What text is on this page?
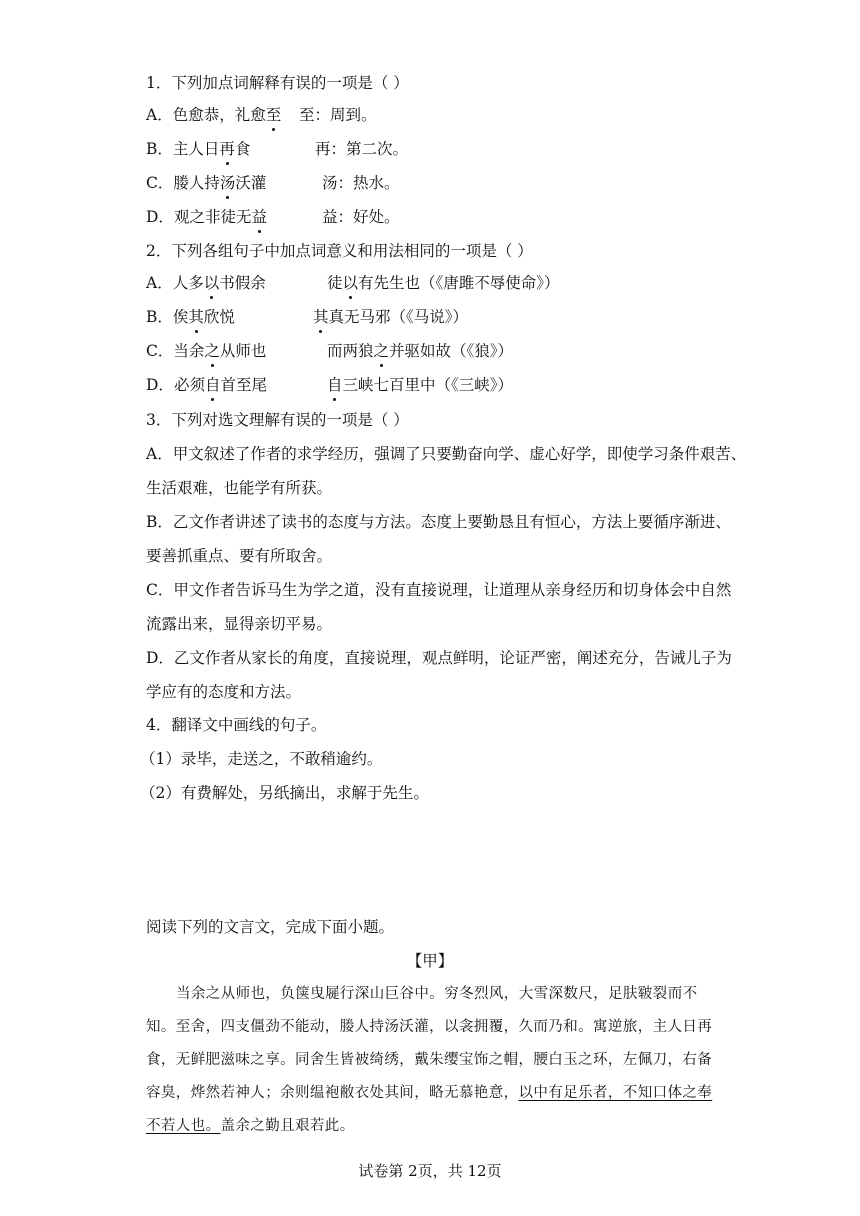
1．下列加点词解释有误的一项是（ ）
A．色愈恭，礼愈至 至：周到。
B．主人日再食	再：第二次。
C．媵人持汤沃灌	汤：热水。
D．观之非徒无益	益：好处。
2．下列各组句子中加点词意义和用法相同的一项是（ ）
A．人多以书假余	徒以有先生也（《唐雎不辱使命》）
B．俟其欣悦	其真无马邪（《马说》）
C．当余之从师也	而两狼之并驱如故（《狼》）
D．必须自首至尾	自三峡七百里中（《三峡》）
3．下列对选文理解有误的一项是（ ）
A．甲文叙述了作者的求学经历，强调了只要勤奋向学、虚心好学，即使学习条件艰苦、
生活艰难，也能学有所获。
B．乙文作者讲述了读书的态度与方法。态度上要勤恳且有恒心，方法上要循序渐进、
要善抓重点、要有所取舍。
C．甲文作者告诉马生为学之道，没有直接说理，让道理从亲身经历和切身体会中自然
流露出来，显得亲切平易。
D．乙文作者从家长的角度，直接说理，观点鲜明，论证严密，阐述充分，告诫儿子为
学应有的态度和方法。
4．翻译文中画线的句子。
（1）录毕，走送之，不敢稍逾约。
（2）有费解处，另纸摘出，求解于先生。
阅读下列的文言文，完成下面小题。
【甲】
当余之从师也，负箧曳屣行深山巨谷中。穷冬烈风，大雪深数尺，足肤皲裂而不知。至舍，四支僵劲不能动，媵人持汤沃灌，以衾拥覆，久而乃和。寓逆旅，主人日再食，无鲜肥滋味之享。同舍生皆被绮绣，戴朱缨宝饰之帽，腰白玉之环，左佩刀，右备容臭，烨然若神人；余则缊袍敝衣处其间，略无慕艳意，以中有足乐者，不知口体之奉不若人也。盖余之勤且艰若此。
试卷第 2页，共 12页
